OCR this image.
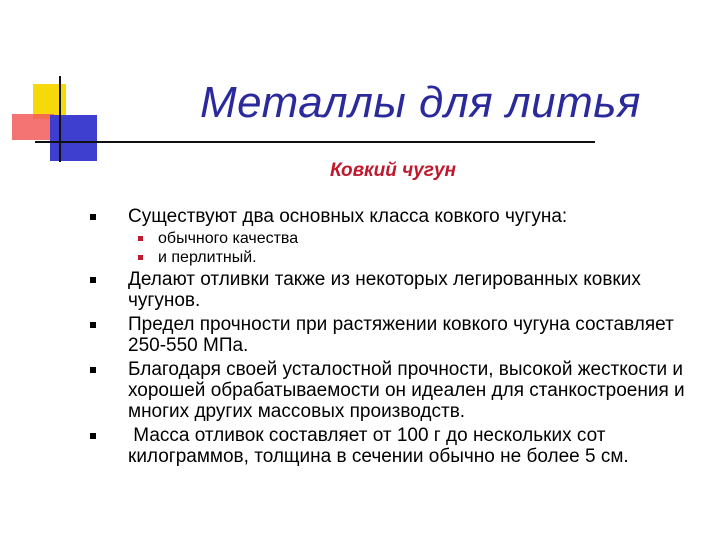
Металлы для литья
Ковкий чугун
Существуют два основных класса ковкого чугуна:
обычного качества
и перлитный.
Делают отливки также из некоторых легированных ковких чугунов.
Предел прочности при растяжении ковкого чугуна составляет 250-550 МПа.
Благодаря своей усталостной прочности, высокой жесткости и хорошей обрабатываемости он идеален для станкостроения и многих других массовых производств.
Масса отливок составляет от 100 г до нескольких сот килограммов, толщина в сечении обычно не более 5 см.
